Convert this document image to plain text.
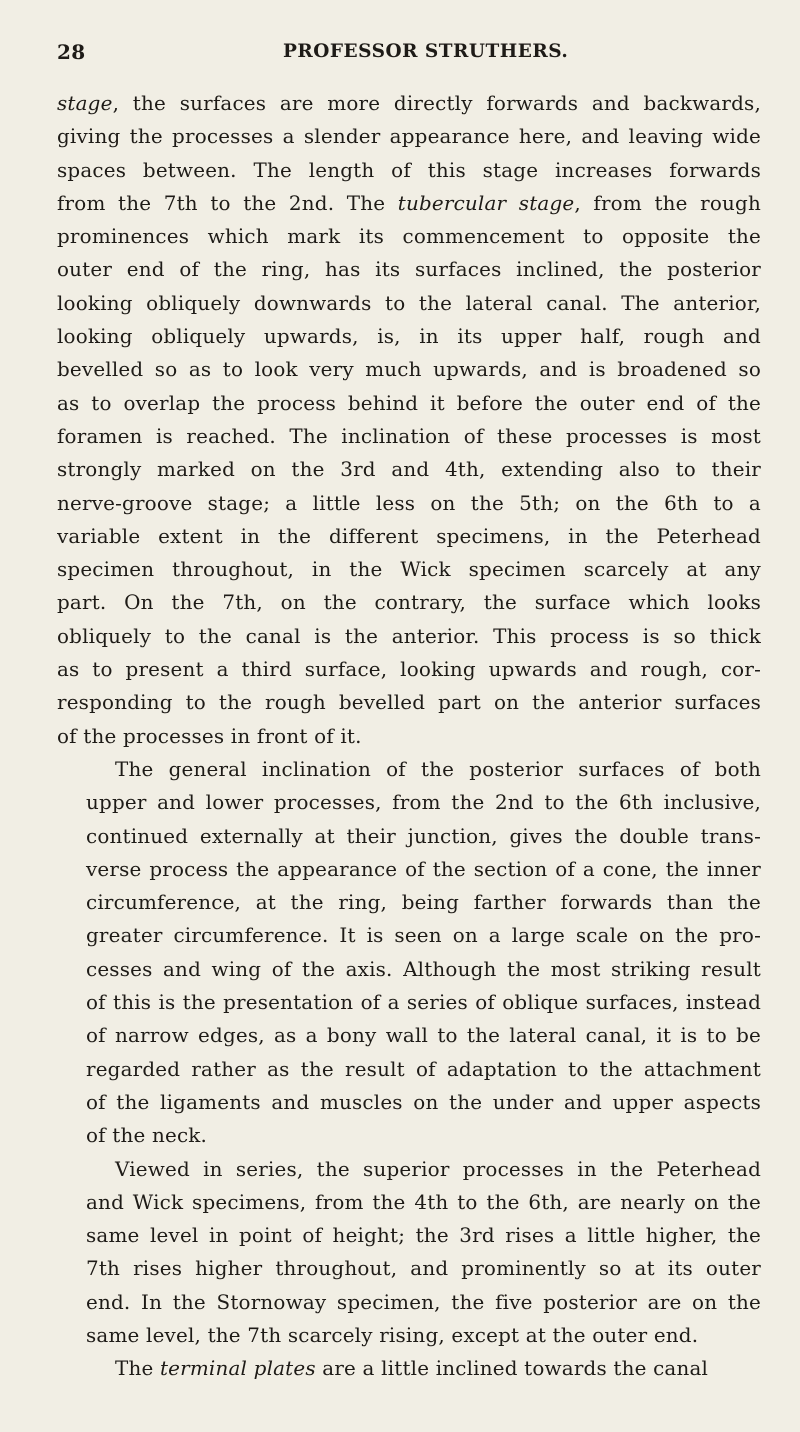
28	PROFESSOR STRUTHERS.

stage, the surfaces are more directly forwards and backwards,
giving the processes a slender appearance here, and leaving wide
spaces between. The length of this stage increases forwards
from the 7th to the 2nd. The tubercular stage, from the rough
prominences which mark its commencement to opposite the
outer end of the ring, has its surfaces inclined, the posterior
looking obliquely downwards to the lateral canal. The anterior,
looking obliquely upwards, is, in its upper half, rough and
bevelled so as to look very much upwards, and is broadened so
as to overlap the process behind it before the outer end of the
foramen is reached. The inclination of these processes is most
strongly marked on the 3rd and 4th, extending also to their
nerve-groove stage; a little less on the 5th; on the 6th to a
variable extent in the different specimens, in the Peterhead
specimen throughout, in the Wick specimen scarcely at any
part. On the 7th, on the contrary, the surface which looks
obliquely to the canal is the anterior. This process is so thick
as to present a third surface, looking upwards and rough, cor-
responding to the rough bevelled part on the anterior surfaces
of the processes in front of it.

The general inclination of the posterior surfaces of both
upper and lower processes, from the 2nd to the 6th inclusive,
continued externally at their junction, gives the double trans-
verse process the appearance of the section of a cone, the inner
circumference, at the ring, being farther forwards than the
greater circumference. It is seen on a large scale on the pro-
cesses and wing of the axis. Although the most striking result
of this is the presentation of a series of oblique surfaces, instead
of narrow edges, as a bony wall to the lateral canal, it is to be
regarded rather as the result of adaptation to the attachment
of the ligaments and muscles on the under and upper aspects
of the neck.

Viewed in series, the superior processes in the Peterhead
and Wick specimens, from the 4th to the 6th, are nearly on the
same level in point of height; the 3rd rises a little higher, the
7th rises higher throughout, and prominently so at its outer
end. In the Stornoway specimen, the five posterior are on the
same level, the 7th scarcely rising, except at the outer end.

The terminal plates are a little inclined towards the canal
